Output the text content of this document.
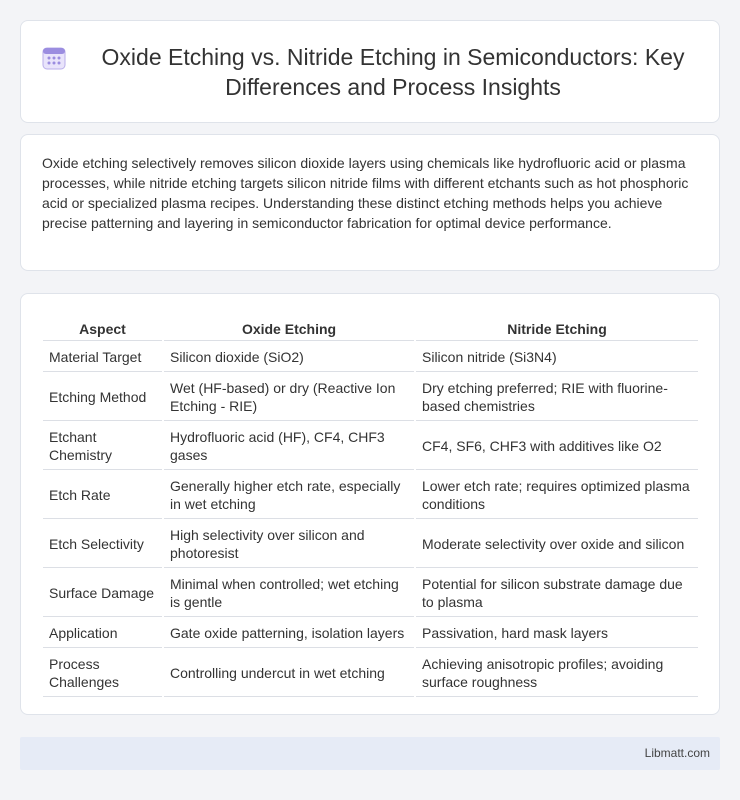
Oxide Etching vs. Nitride Etching in Semiconductors: Key Differences and Process Insights

Oxide etching selectively removes silicon dioxide layers using chemicals like hydrofluoric acid or plasma processes, while nitride etching targets silicon nitride films with different etchants such as hot phosphoric acid or specialized plasma recipes. Understanding these distinct etching methods helps you achieve precise patterning and layering in semiconductor fabrication for optimal device performance.

Aspect	Oxide Etching	Nitride Etching
Material Target	Silicon dioxide (SiO2)	Silicon nitride (Si3N4)
Etching Method	Wet (HF-based) or dry (Reactive Ion Etching - RIE)	Dry etching preferred; RIE with fluorine-based chemistries
Etchant Chemistry	Hydrofluoric acid (HF), CF4, CHF3 gases	CF4, SF6, CHF3 with additives like O2
Etch Rate	Generally higher etch rate, especially in wet etching	Lower etch rate; requires optimized plasma conditions
Etch Selectivity	High selectivity over silicon and photoresist	Moderate selectivity over oxide and silicon
Surface Damage	Minimal when controlled; wet etching is gentle	Potential for silicon substrate damage due to plasma
Application	Gate oxide patterning, isolation layers	Passivation, hard mask layers
Process Challenges	Controlling undercut in wet etching	Achieving anisotropic profiles; avoiding surface roughness
Libmatt.com
